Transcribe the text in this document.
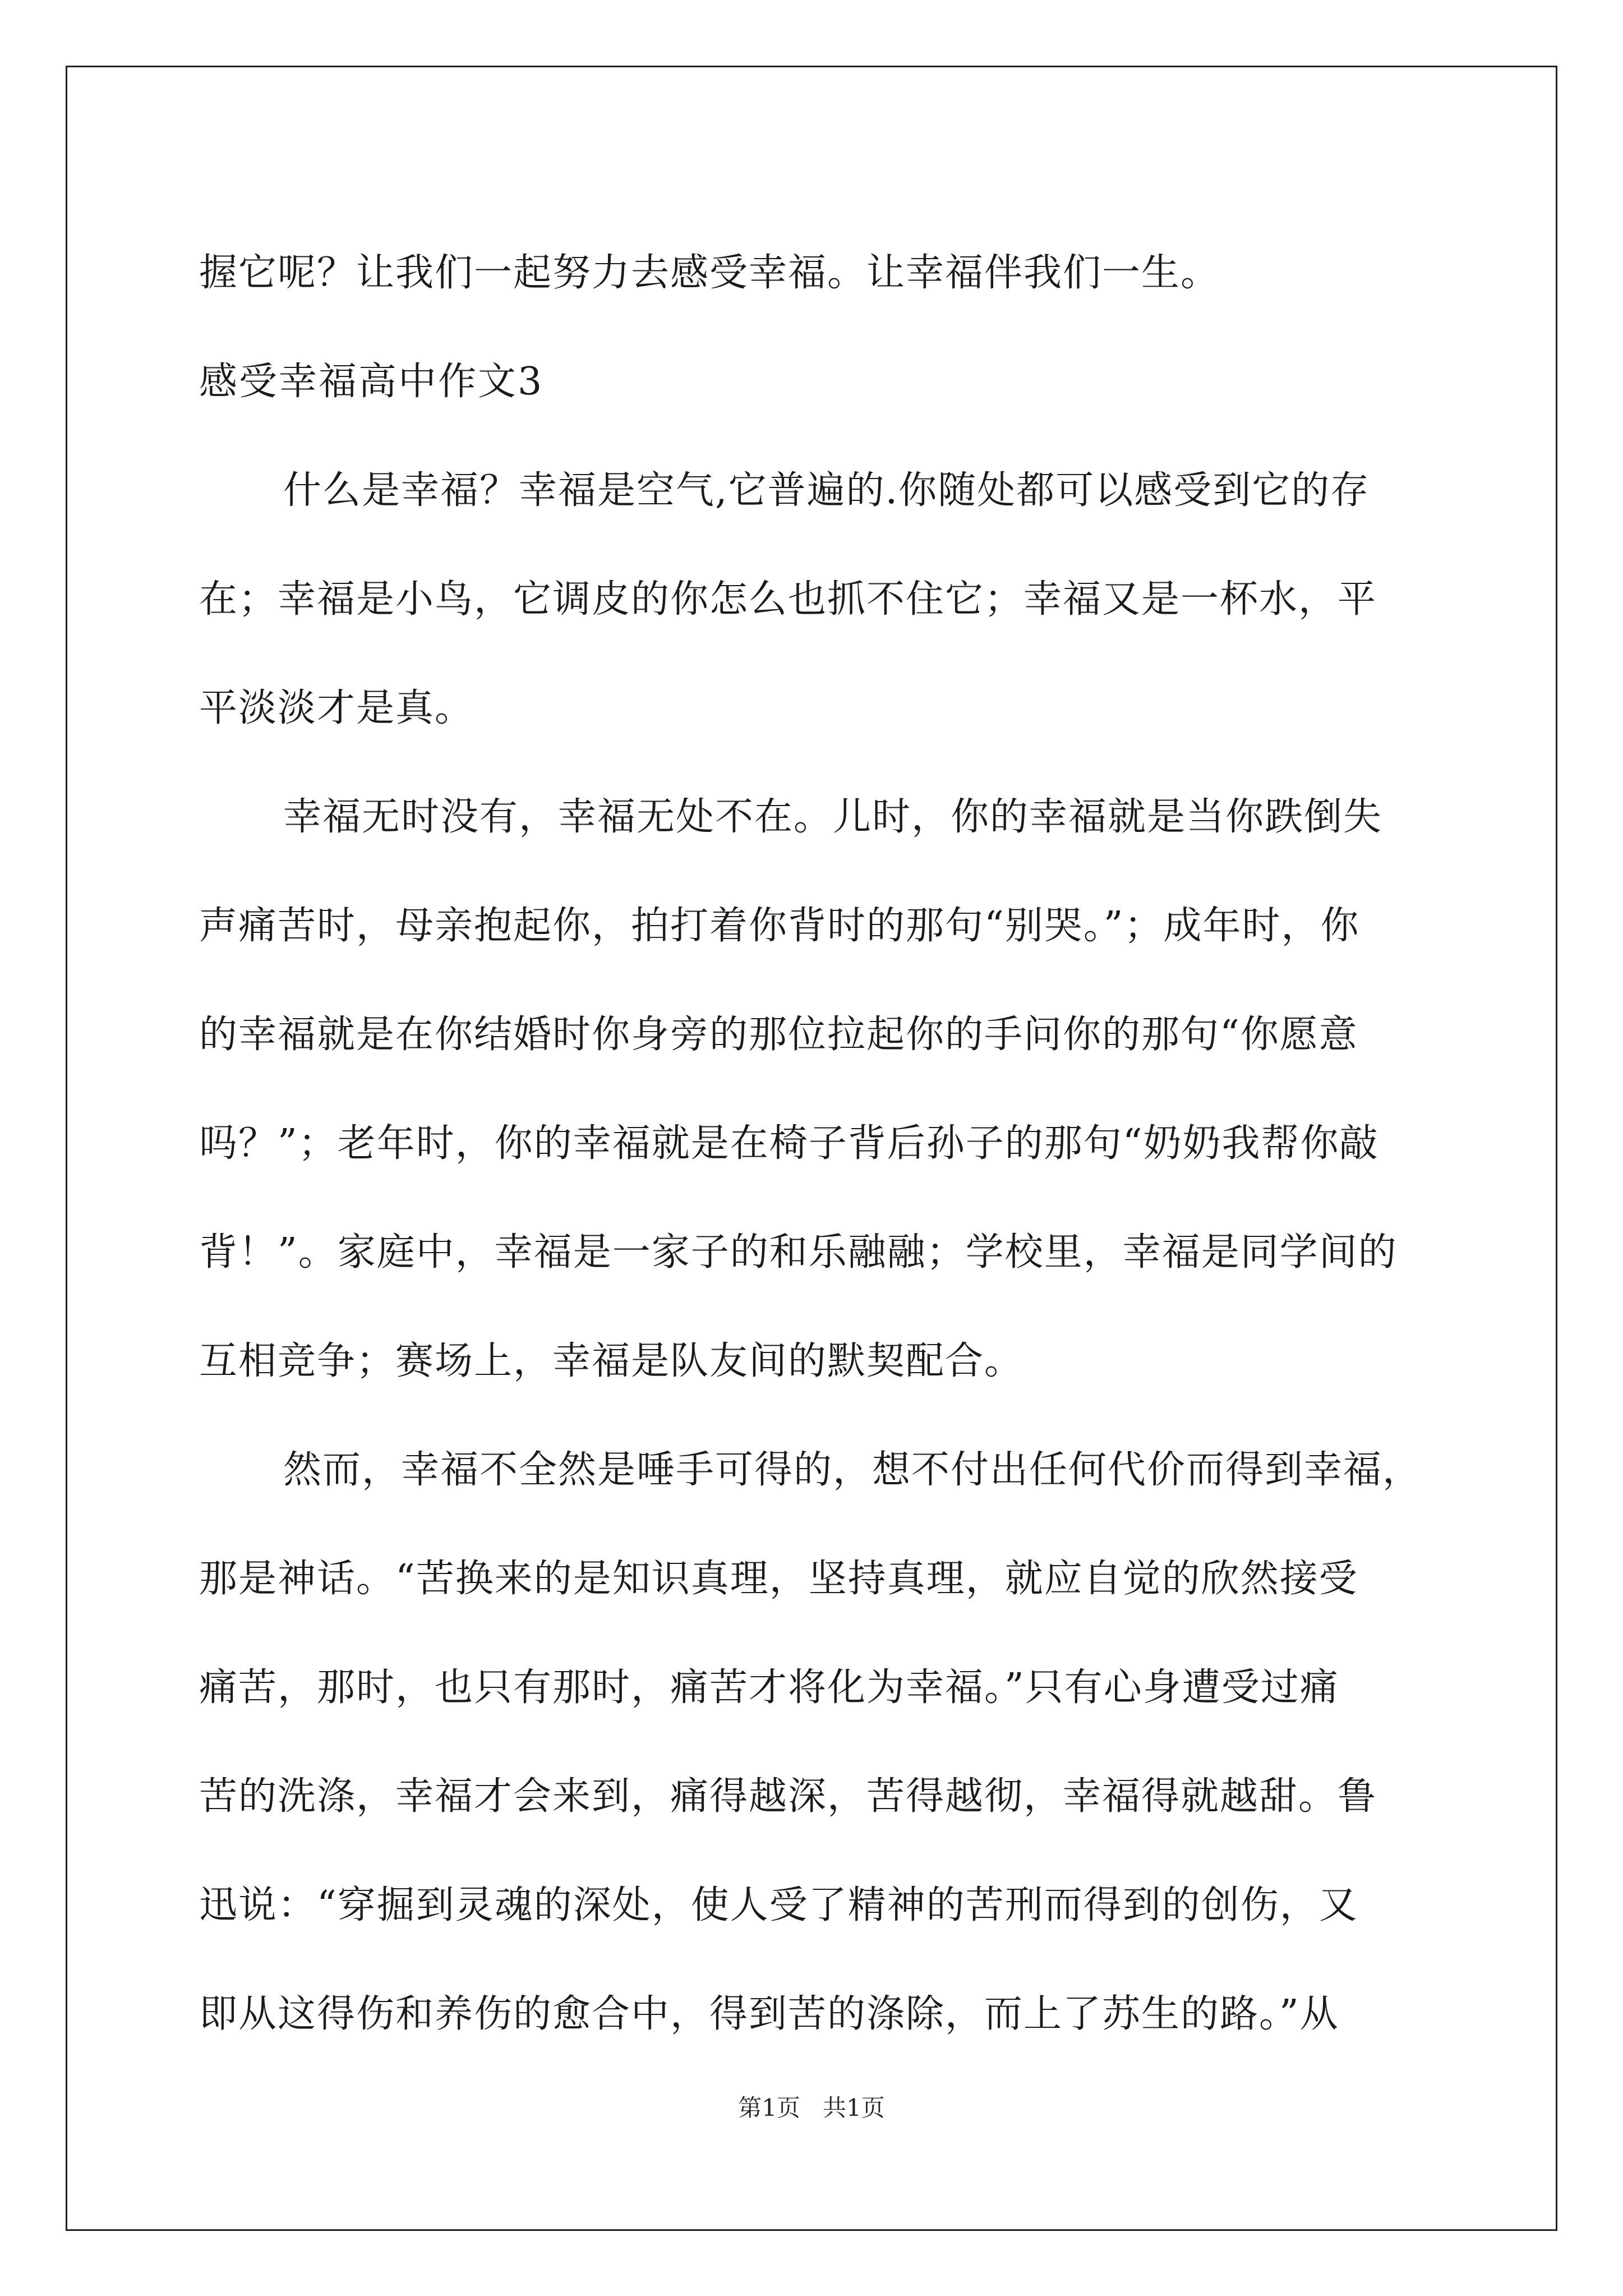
握它呢？让我们一起努力去感受幸福。让幸福伴我们一生。
感受幸福高中作文3
什么是幸福？幸福是空气,它普遍的.你随处都可以感受到它的存
在；幸福是小鸟，它调皮的你怎么也抓不住它；幸福又是一杯水，平
平淡淡才是真。
幸福无时没有，幸福无处不在。儿时，你的幸福就是当你跌倒失
声痛苦时，母亲抱起你，拍打着你背时的那句“别哭。”；成年时，你
的幸福就是在你结婚时你身旁的那位拉起你的手问你的那句“你愿意
吗？”；老年时，你的幸福就是在椅子背后孙子的那句“奶奶我帮你敲
背！”。家庭中，幸福是一家子的和乐融融；学校里，幸福是同学间的
互相竞争；赛场上，幸福是队友间的默契配合。
然而，幸福不全然是唾手可得的，想不付出任何代价而得到幸福，
那是神话。“苦换来的是知识真理，坚持真理，就应自觉的欣然接受
痛苦，那时，也只有那时，痛苦才将化为幸福。”只有心身遭受过痛
苦的洗涤，幸福才会来到，痛得越深，苦得越彻，幸福得就越甜。鲁
迅说：“穿掘到灵魂的深处，使人受了精神的苦刑而得到的创伤，又
即从这得伤和养伤的愈合中，得到苦的涤除，而上了苏生的路。”从
第1页   共1页
